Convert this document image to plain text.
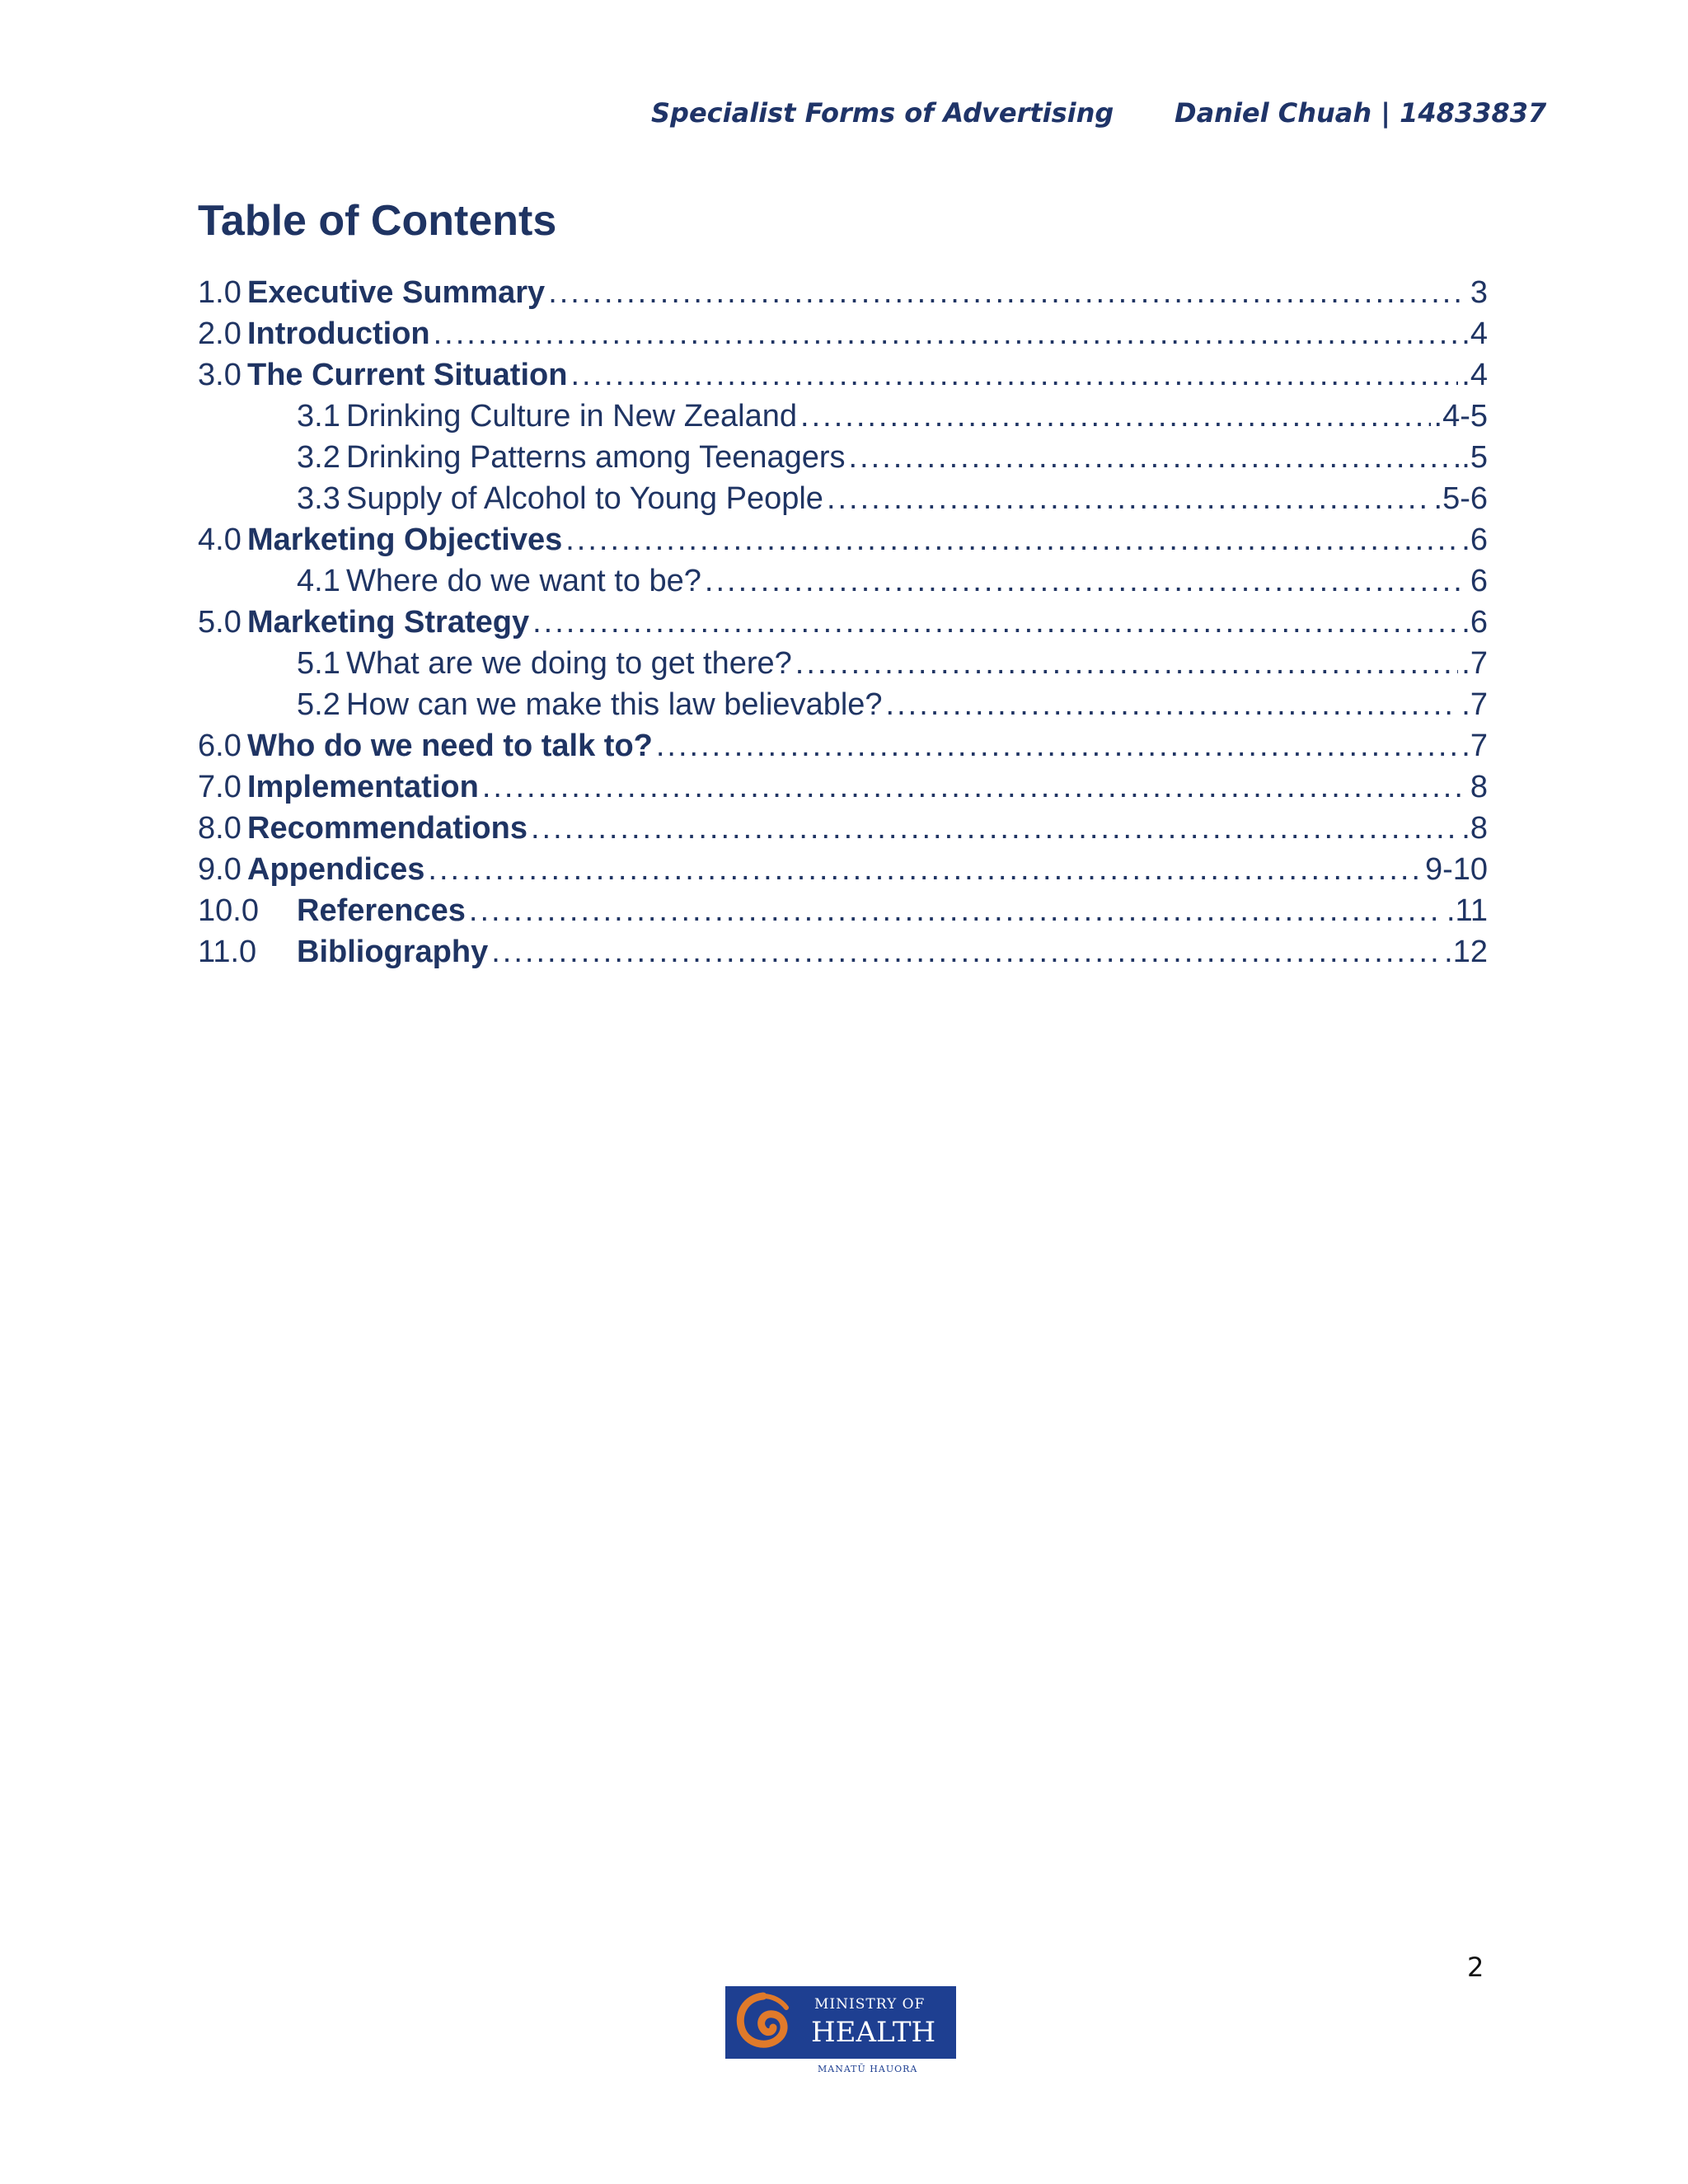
Specialist Forms of Advertising Daniel Chuah | 14833837
Table of Contents
1.0 Executive Summary .....	3
2.0 Introduction .....	.4
3.0 The Current Situation .....	.4
3.1 Drinking Culture in New Zealand .....	.4-5
3.2 Drinking Patterns among Teenagers .....	..5
3.3 Supply of Alcohol to Young People .....	.5-6
4.0 Marketing Objectives .....	.6
4.1 Where do we want to be? .....	6
5.0 Marketing Strategy .....	.6
5.1 What are we doing to get there? .....	.7
5.2 How can we make this law believable? .....	.7
6.0 Who do we need to talk to? .....	.7
7.0 Implementation .....	8
8.0 Recommendations .....	.8
9.0 Appendices .....	9-10
10.0	References .....	.11
11.0	Bibliography .....	.12
2
MINISTRY OF
HEALTH
MANATŪ HAUORA
